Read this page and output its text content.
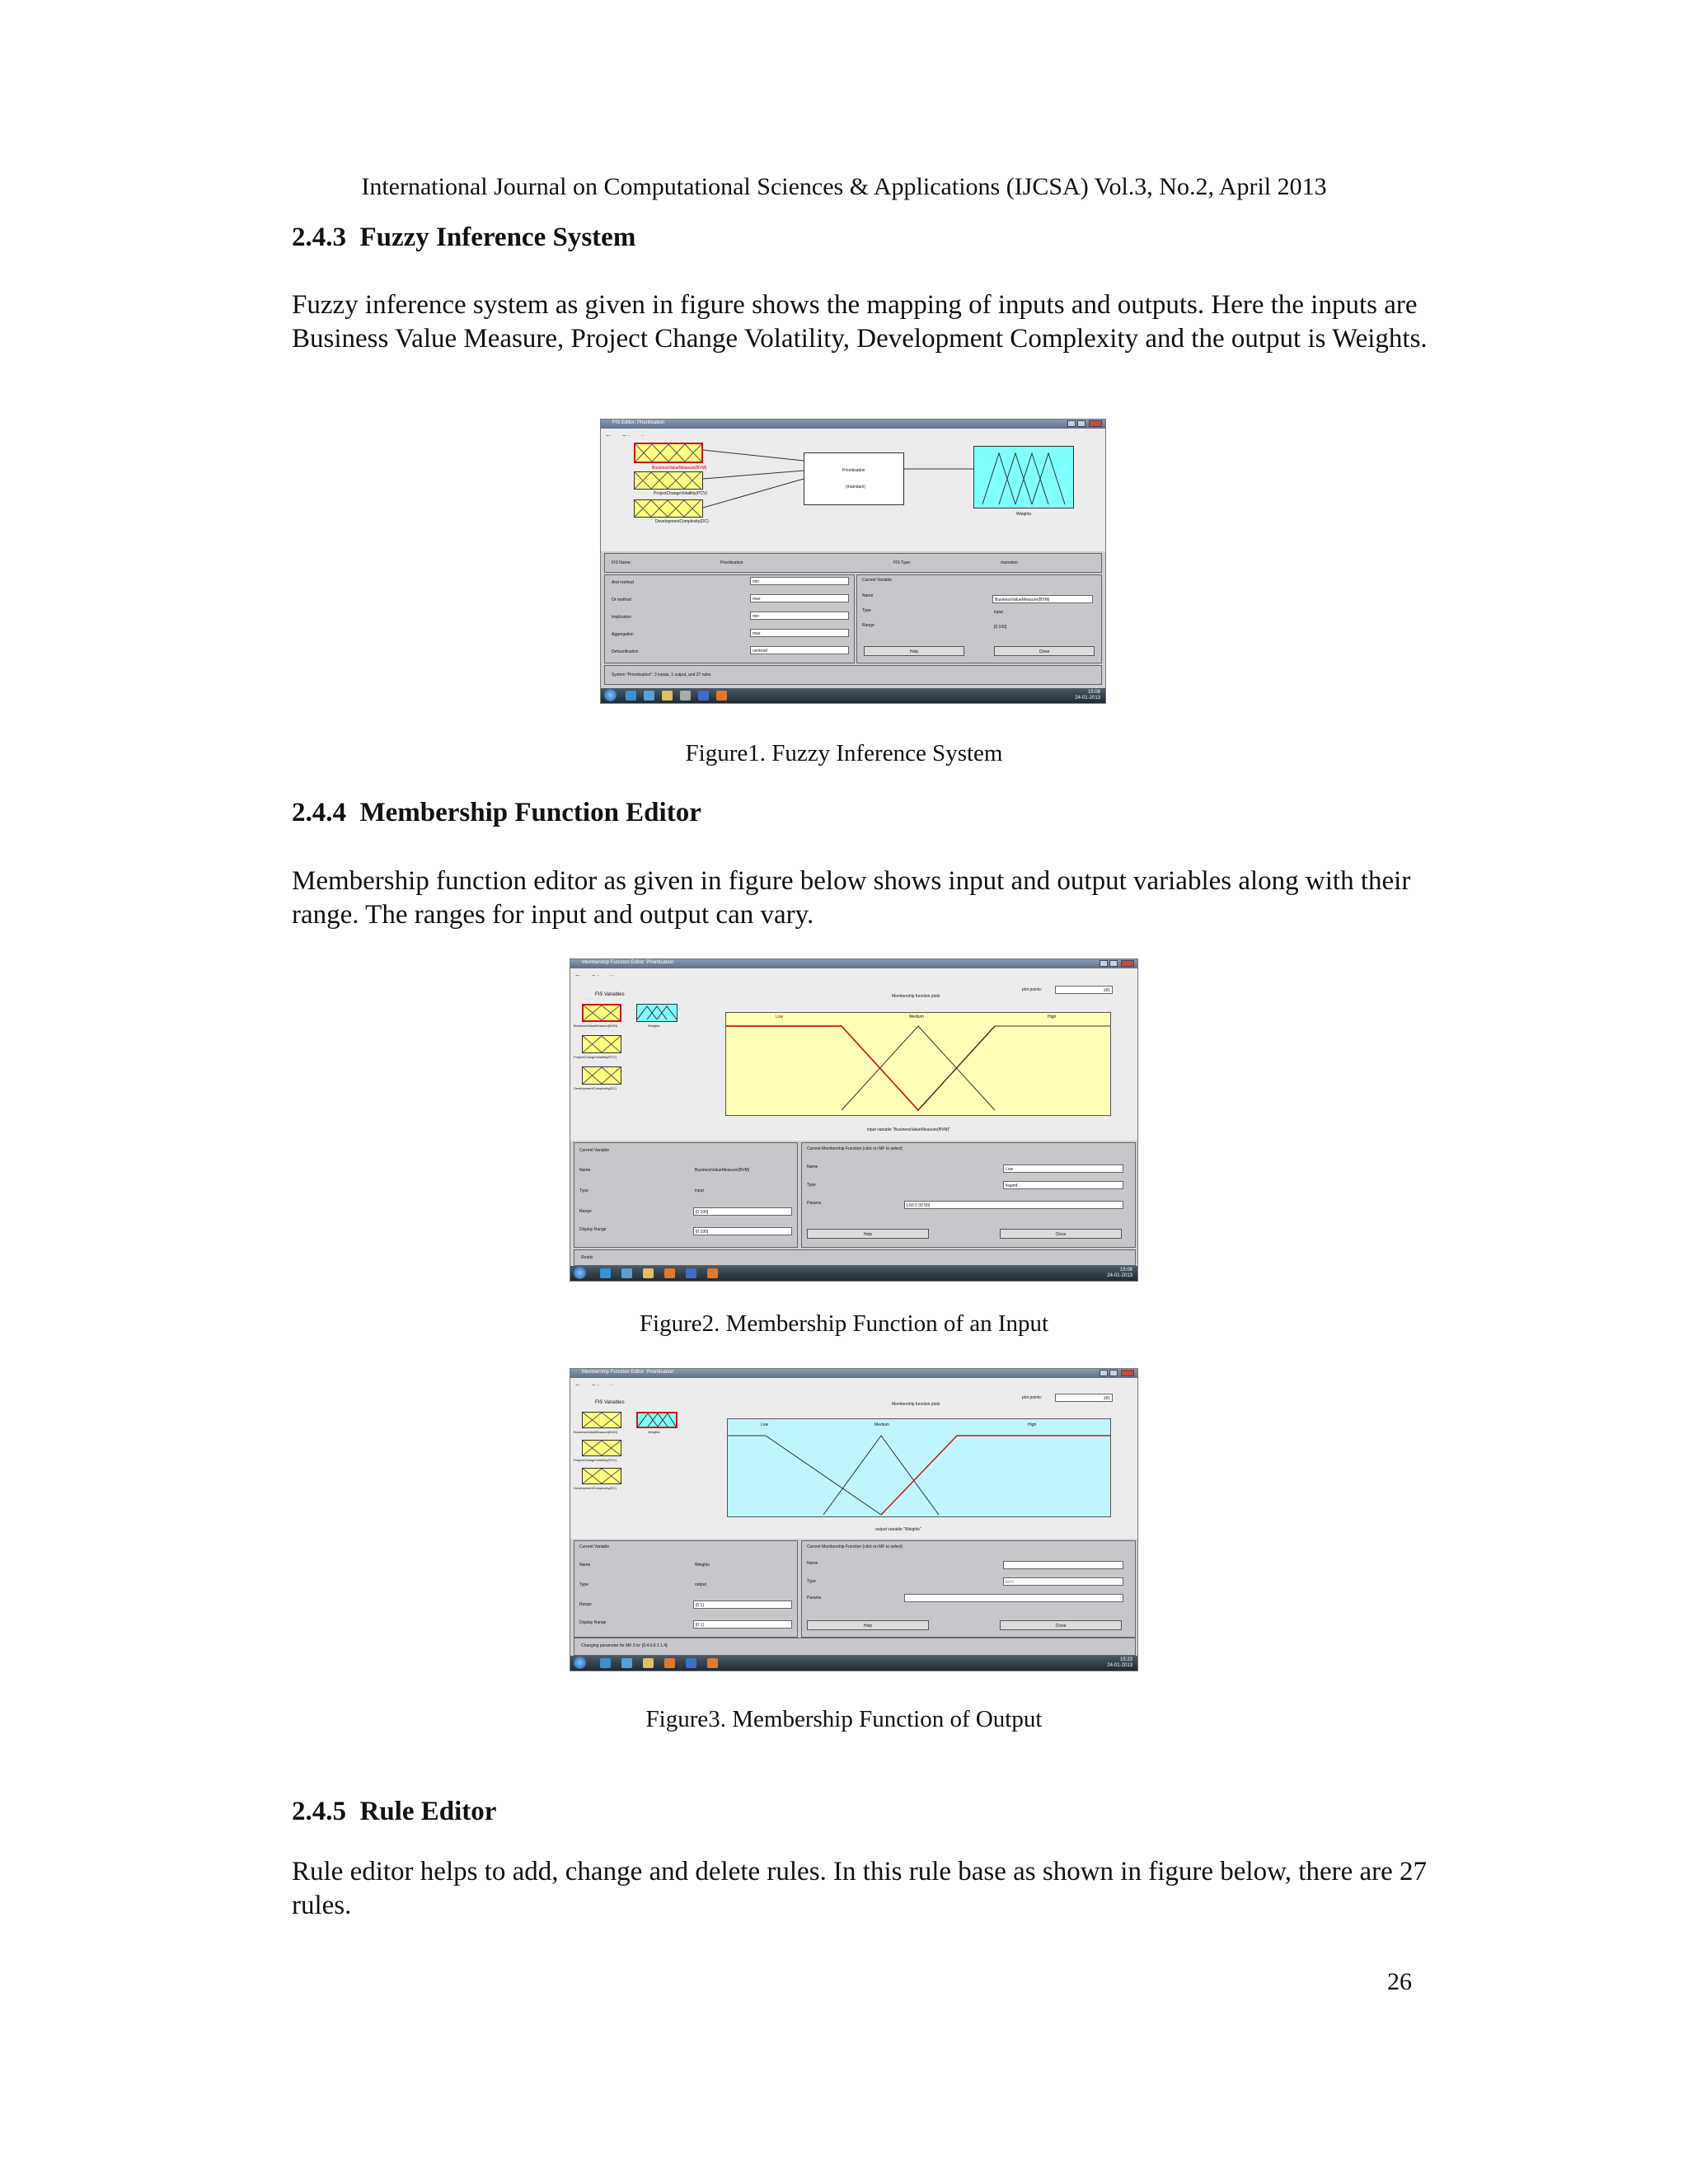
International Journal on Computational Sciences & Applications (IJCSA) Vol.3, No.2, April 2013
2.4.3 Fuzzy Inference System
Fuzzy inference system as given in figure shows the mapping of inputs and outputs. Here the inputs are Business Value Measure, Project Change Volatility, Development Complexity and the output is Weights.
FIS Editor: Prioritisation
BusinessValueMeasure(BVM)
ProjectChangeVolatility(PCV)
DevelopmentComplexity(DC)
Prioritisation
(mamdani)
Weights
FIS Name:	Prioritisation	FIS Type:	mamdani
And method	min
Or method	max
Implication	min
Aggregation	max
Defuzzification	centroid
Current Variable
Name
BusinessValueMeasure(BVM)
Type	input
Range	[0 100]
Help	Close
System "Prioritisation": 3 inputs, 1 output, and 27 rules
15:08
24-01-2013
Figure1. Fuzzy Inference System
2.4.4 Membership Function Editor
Membership function editor as given in figure below shows input and output variables along with their range. The ranges for input and output can vary.
Membership Function Editor: Prioritisation
FIS Variables
BusinessValueMeasure(BVM)	Weights
ProjectChangeVolatility(PCV)
DevelopmentComplexity(DC)
Membership function plots
plot points:	181
Low	Medium	High
input variable "BusinessValueMeasure(BVM)"
Current Variable
Name	BusinessValueMeasure(BVM)
Type	input
Range	[0 100]
Display Range	[0 100]
Current Membership Function (click on MF to select)
Name	Low
Type	trapmf
Params	[-50 0 30 50]
Help	Close
Ready
15:08
24-01-2013
Figure2. Membership Function of an Input
Membership Function Editor: Prioritisation
FIS Variables
BusinessValueMeasure(BVM)	Weights
ProjectChangeVolatility(PCV)
DevelopmentComplexity(DC)
Membership function plots
plot points:	181
Low	Medium	High
output variable "Weights"
Current Variable
Name	Weights
Type	output
Range	[0 1]
Display Range	[0 1]
Current Membership Function (click on MF to select)
Name
Type	trimf
Params
Help	Close
Changing parameter for MF 3 to: [0.4 0.6 1 1.4]
15:23
24-01-2013
Figure3. Membership Function of Output
2.4.5 Rule Editor
Rule editor helps to add, change and delete rules. In this rule base as shown in figure below, there are 27 rules.
26
